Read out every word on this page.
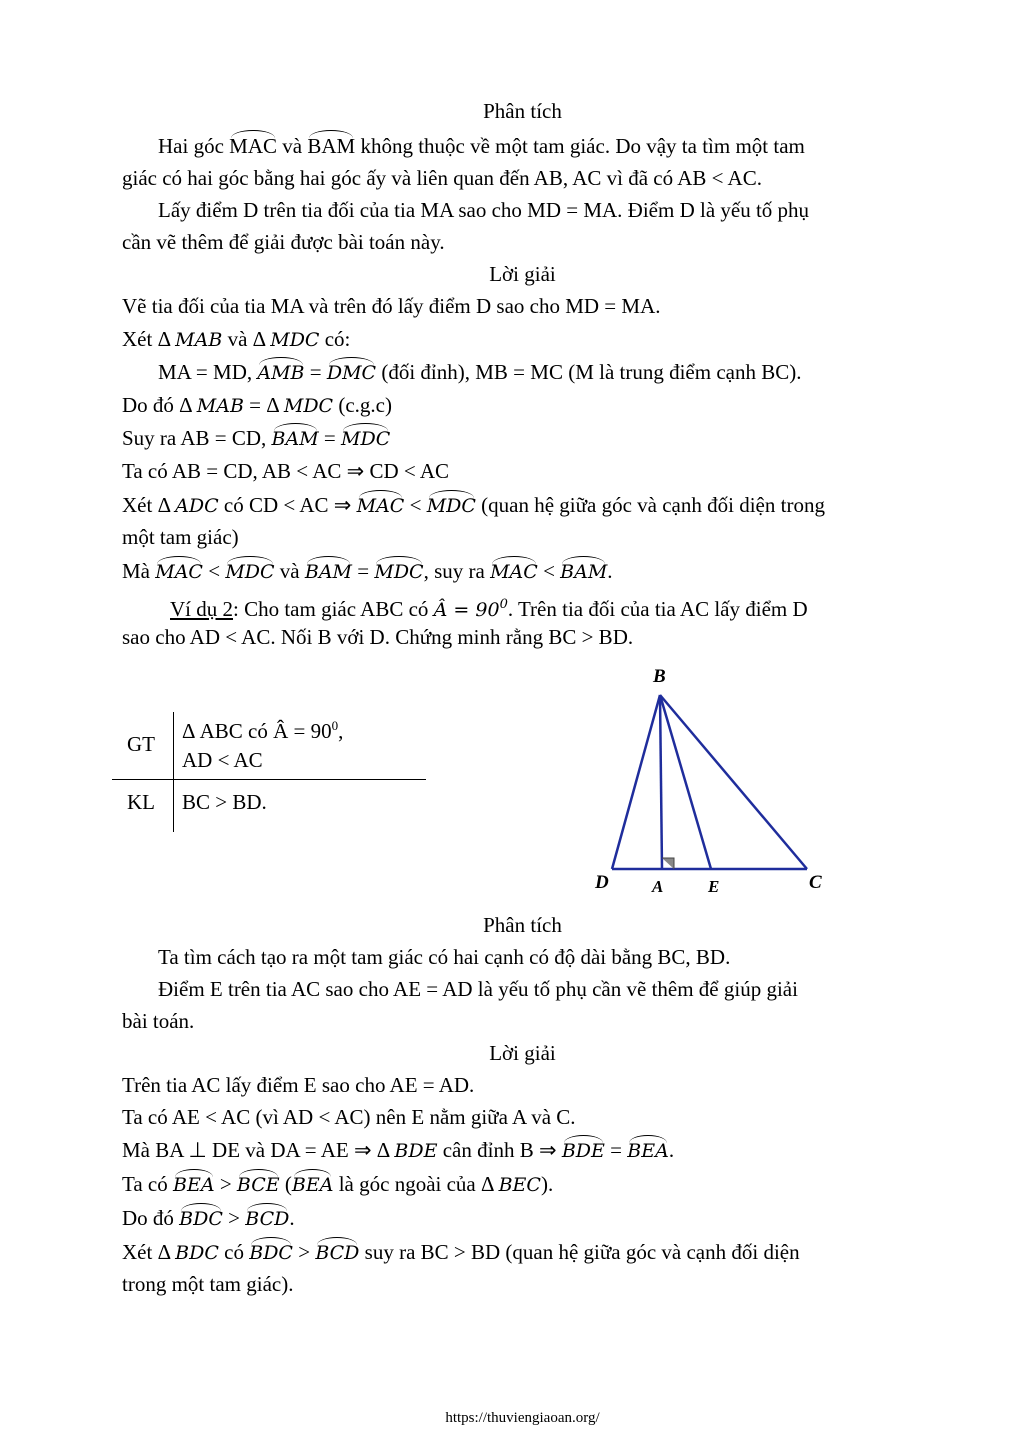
Phân tích
Hai góc MAC và BAM không thuộc về một tam giác. Do vậy ta tìm một tam
giác có hai góc bằng hai góc ấy và liên quan đến AB, AC vì đã có AB < AC.
Lấy điểm D trên tia đối của tia MA sao cho MD = MA. Điểm D là yếu tố phụ
cần vẽ thêm để giải được bài toán này.
Lời giải
Vẽ tia đối của tia MA và trên đó lấy điểm D sao cho MD = MA.
Xét Δ MAB và Δ MDC có:
MA = MD, AMB = DMC (đối đỉnh), MB = MC (M là trung điểm cạnh BC).
Do đó Δ MAB = Δ MDC (c.g.c)
Suy ra AB = CD, BAM = MDC
Ta có AB = CD, AB < AC ⇒ CD < AC
Xét Δ ADC có CD < AC ⇒ MAC < MDC (quan hệ giữa góc và cạnh đối diện trong
một tam giác)
Mà MAC < MDC và BAM = MDC, suy ra MAC < BAM.
Ví dụ 2: Cho tam giác ABC có Â = $90^0$. Trên tia đối của tia AC lấy điểm D
sao cho AD < AC. Nối B với D. Chứng minh rằng BC > BD.
GT
Δ ABC có Â = $90^0$,
AD < AC
KL BC > BD.
B
D	A	E	C
Phân tích
Ta tìm cách tạo ra một tam giác có hai cạnh có độ dài bằng BC, BD.
Điểm E trên tia AC sao cho AE = AD là yếu tố phụ cần vẽ thêm để giúp giải
bài toán.
Lời giải
Trên tia AC lấy điểm E sao cho AE = AD.
Ta có AE < AC (vì AD < AC) nên E nằm giữa A và C.
Mà BA ⊥ DE và DA = AE ⇒ Δ BDE cân đỉnh B ⇒ BDE = BEA.
Ta có BEA > BCE (BEA là góc ngoài của Δ BEC).
Do đó BDC > BCD.
Xét Δ BDC có BDC > BCD suy ra BC > BD (quan hệ giữa góc và cạnh đối diện
trong một tam giác).
https://thuviengiaoan.org/
